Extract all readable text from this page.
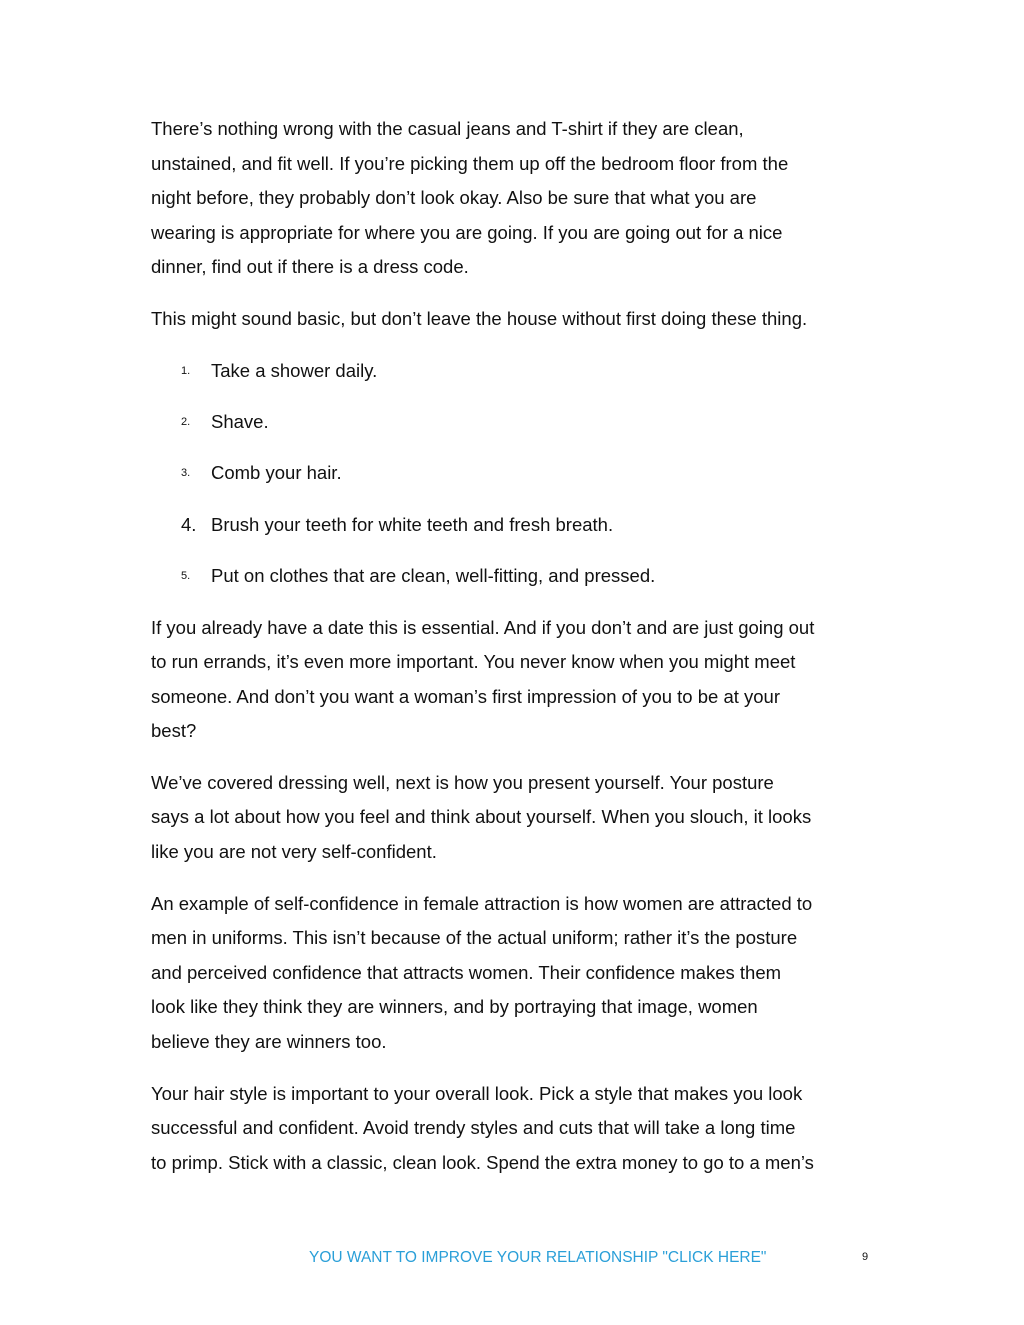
There’s nothing wrong with the casual jeans and T-shirt if they are clean,
unstained, and fit well. If you’re picking them up off the bedroom floor from the
night before, they probably don’t look okay. Also be sure that what you are
wearing is appropriate for where you are going. If you are going out for a nice
dinner, find out if there is a dress code.

This might sound basic, but don’t leave the house without first doing these thing.

1. Take a shower daily.
2. Shave.
3. Comb your hair.
4. Brush your teeth for white teeth and fresh breath.
5. Put on clothes that are clean, well-fitting, and pressed.

If you already have a date this is essential. And if you don’t and are just going out
to run errands, it’s even more important. You never know when you might meet
someone. And don’t you want a woman’s first impression of you to be at your
best?

We’ve covered dressing well, next is how you present yourself. Your posture
says a lot about how you feel and think about yourself. When you slouch, it looks
like you are not very self-confident.

An example of self-confidence in female attraction is how women are attracted to
men in uniforms. This isn’t because of the actual uniform; rather it’s the posture
and perceived confidence that attracts women. Their confidence makes them
look like they think they are winners, and by portraying that image, women
believe they are winners too.

Your hair style is important to your overall look. Pick a style that makes you look
successful and confident. Avoid trendy styles and cuts that will take a long time
to primp. Stick with a classic, clean look. Spend the extra money to go to a men’s

YOU WANT TO IMPROVE YOUR RELATIONSHIP "CLICK HERE"	9
